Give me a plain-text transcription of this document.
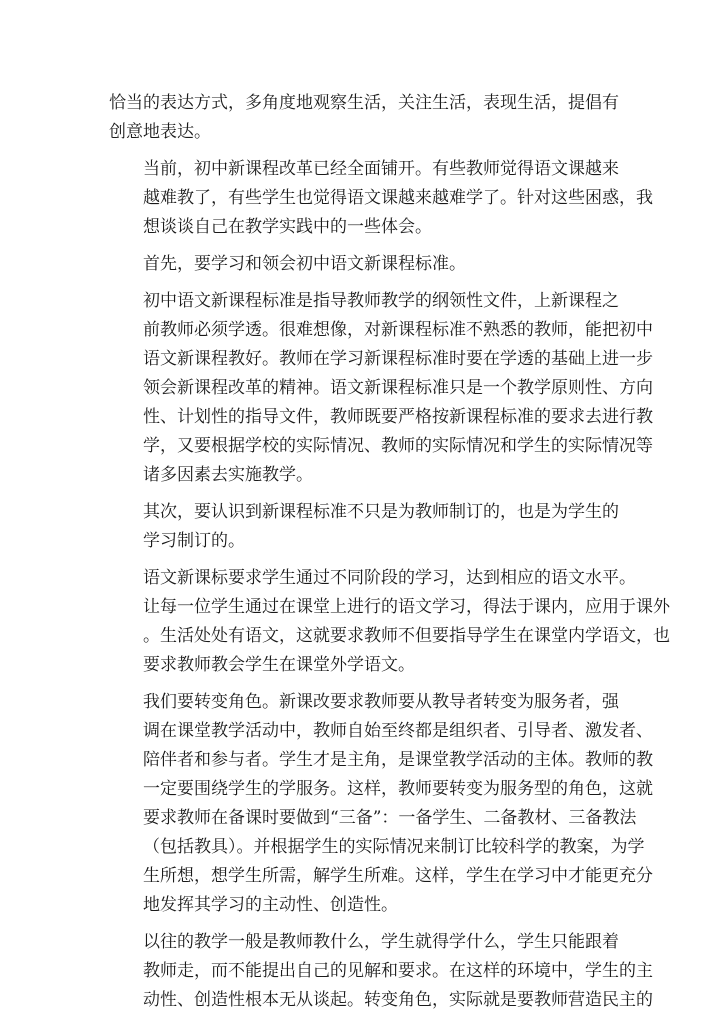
恰当的表达方式，多角度地观察生活，关注生活，表现生活，提倡有
创意地表达。

当前，初中新课程改革已经全面铺开。有些教师觉得语文课越来
越难教了，有些学生也觉得语文课越来越难学了。针对这些困惑，我
想谈谈自己在教学实践中的一些体会。

首先，要学习和领会初中语文新课程标准。

初中语文新课程标准是指导教师教学的纲领性文件，上新课程之
前教师必须学透。很难想像，对新课程标准不熟悉的教师，能把初中
语文新课程教好。教师在学习新课程标准时要在学透的基础上进一步
领会新课程改革的精神。语文新课程标准只是一个教学原则性、方向
性、计划性的指导文件，教师既要严格按新课程标准的要求去进行教
学，又要根据学校的实际情况、教师的实际情况和学生的实际情况等
诸多因素去实施教学。

其次，要认识到新课程标准不只是为教师制订的，也是为学生的
学习制订的。

语文新课标要求学生通过不同阶段的学习，达到相应的语文水平。
让每一位学生通过在课堂上进行的语文学习，得法于课内，应用于课外
。生活处处有语文，这就要求教师不但要指导学生在课堂内学语文，也
要求教师教会学生在课堂外学语文。

我们要转变角色。新课改要求教师要从教导者转变为服务者，强
调在课堂教学活动中，教师自始至终都是组织者、引导者、激发者、
陪伴者和参与者。学生才是主角，是课堂教学活动的主体。教师的教
一定要围绕学生的学服务。这样，教师要转变为服务型的角色，这就
要求教师在备课时要做到“三备”：一备学生、二备教材、三备教法
（包括教具）。并根据学生的实际情况来制订比较科学的教案，为学
生所想，想学生所需，解学生所难。这样，学生在学习中才能更充分
地发挥其学习的主动性、创造性。

以往的教学一般是教师教什么，学生就得学什么，学生只能跟着
教师走，而不能提出自己的见解和要求。在这样的环境中，学生的主
动性、创造性根本无从谈起。转变角色，实际就是要教师营造民主的
